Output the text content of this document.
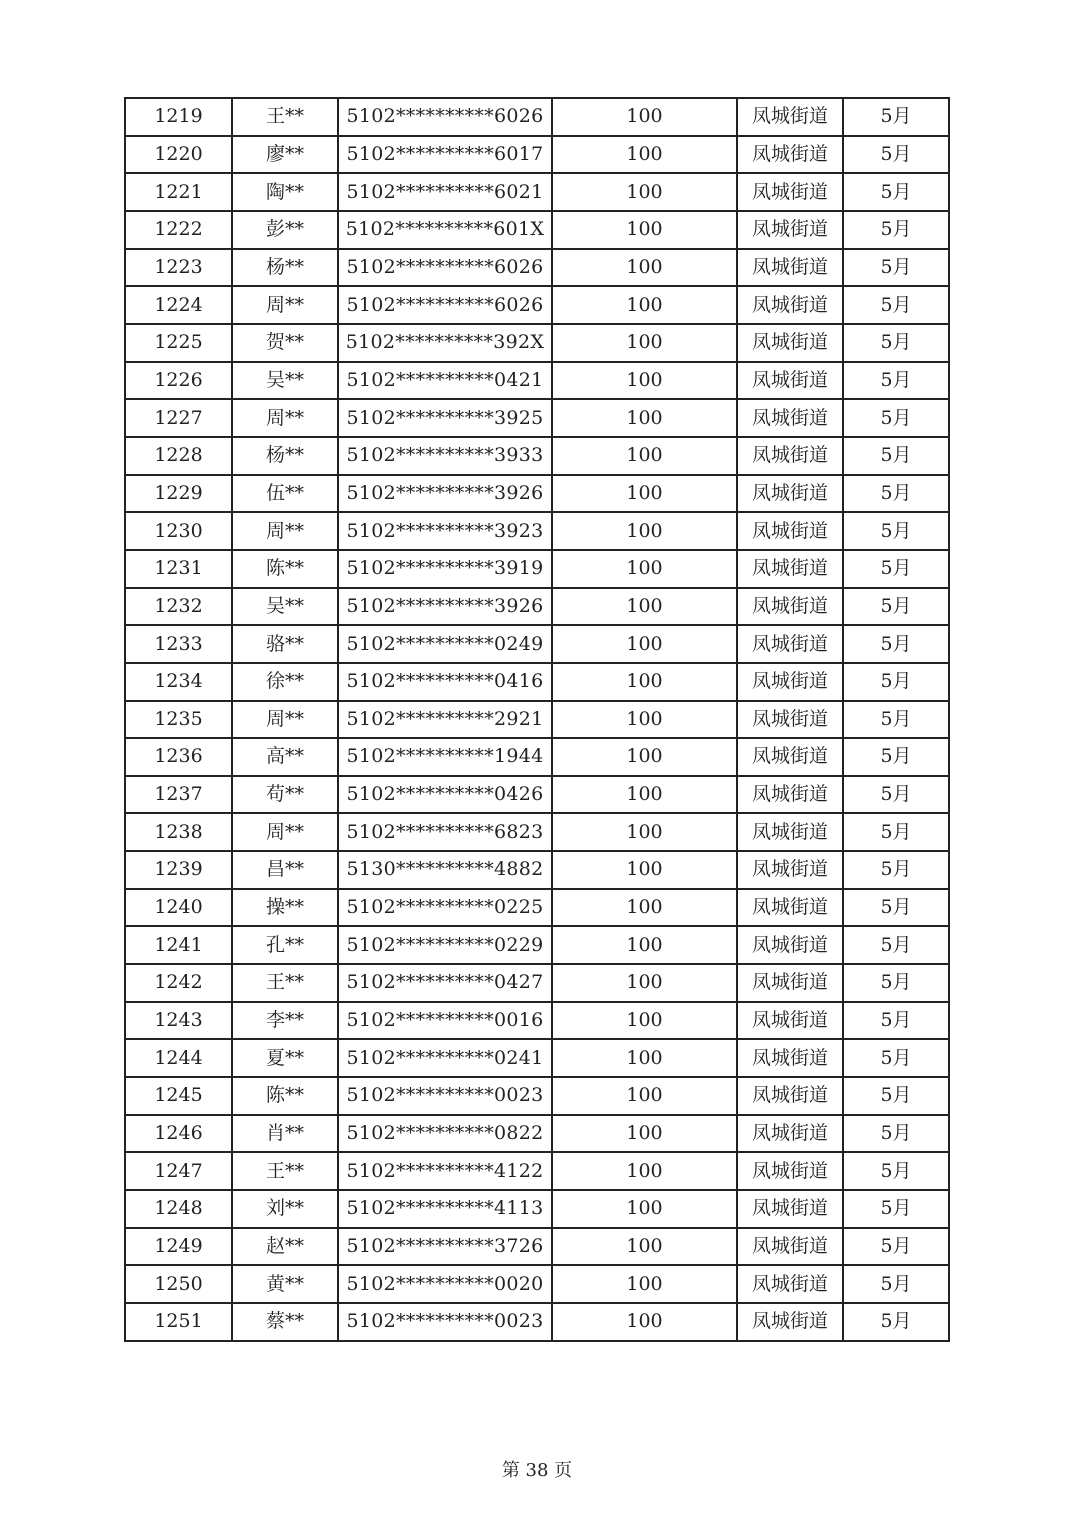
1219	王**	5102**********6026	100	凤城街道	5月
1220	廖**	5102**********6017	100	凤城街道	5月
1221	陶**	5102**********6021	100	凤城街道	5月
1222	彭**	5102**********601X	100	凤城街道	5月
1223	杨**	5102**********6026	100	凤城街道	5月
1224	周**	5102**********6026	100	凤城街道	5月
1225	贺**	5102**********392X	100	凤城街道	5月
1226	吴**	5102**********0421	100	凤城街道	5月
1227	周**	5102**********3925	100	凤城街道	5月
1228	杨**	5102**********3933	100	凤城街道	5月
1229	伍**	5102**********3926	100	凤城街道	5月
1230	周**	5102**********3923	100	凤城街道	5月
1231	陈**	5102**********3919	100	凤城街道	5月
1232	吴**	5102**********3926	100	凤城街道	5月
1233	骆**	5102**********0249	100	凤城街道	5月
1234	徐**	5102**********0416	100	凤城街道	5月
1235	周**	5102**********2921	100	凤城街道	5月
1236	高**	5102**********1944	100	凤城街道	5月
1237	苟**	5102**********0426	100	凤城街道	5月
1238	周**	5102**********6823	100	凤城街道	5月
1239	昌**	5130**********4882	100	凤城街道	5月
1240	操**	5102**********0225	100	凤城街道	5月
1241	孔**	5102**********0229	100	凤城街道	5月
1242	王**	5102**********0427	100	凤城街道	5月
1243	李**	5102**********0016	100	凤城街道	5月
1244	夏**	5102**********0241	100	凤城街道	5月
1245	陈**	5102**********0023	100	凤城街道	5月
1246	肖**	5102**********0822	100	凤城街道	5月
1247	王**	5102**********4122	100	凤城街道	5月
1248	刘**	5102**********4113	100	凤城街道	5月
1249	赵**	5102**********3726	100	凤城街道	5月
1250	黄**	5102**********0020	100	凤城街道	5月
1251	蔡**	5102**********0023	100	凤城街道	5月
第 38 页
